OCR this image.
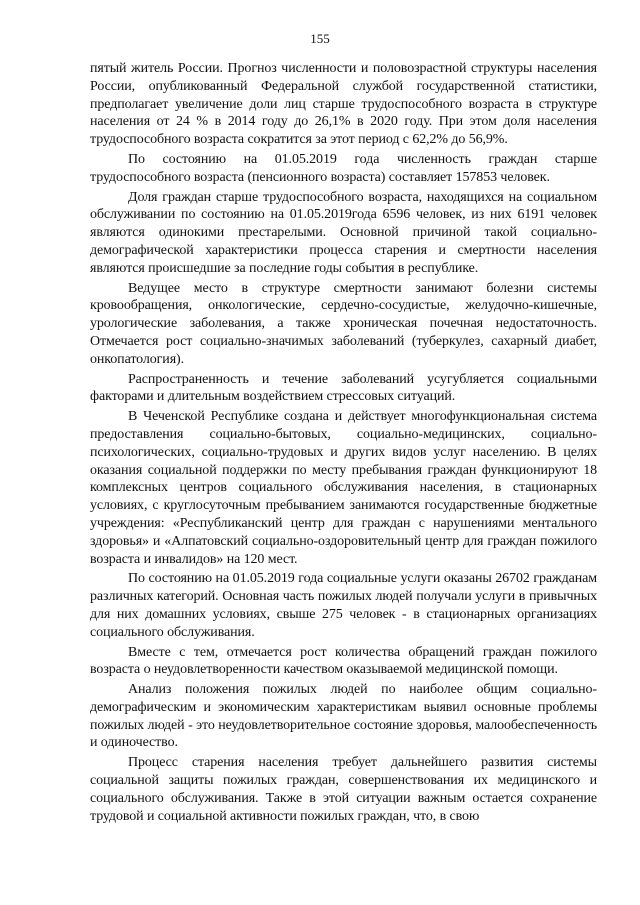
155

пятый житель России. Прогноз численности и половозрастной структуры населения России, опубликованный Федеральной службой государственной статистики, предполагает увеличение доли лиц старше трудоспособного возраста в структуре населения от 24 % в 2014 году до 26,1% в 2020 году. При этом доля населения трудоспособного возраста сократится за этот период с 62,2% до 56,9%.

По состоянию на 01.05.2019 года численность граждан старше трудоспособного возраста (пенсионного возраста) составляет 157853 человек.

Доля граждан старше трудоспособного возраста, находящихся на социальном обслуживании по состоянию на 01.05.2019года 6596 человек, из них 6191 человек являются одинокими престарелыми. Основной причиной такой социально-демографической характеристики процесса старения и смертности населения являются происшедшие за последние годы события в республике.

Ведущее место в структуре смертности занимают болезни системы кровообращения, онкологические, сердечно-сосудистые, желудочно-кишечные, урологические заболевания, а также хроническая почечная недостаточность. Отмечается рост социально-значимых заболеваний (туберкулез, сахарный диабет, онкопатология).

Распространенность и течение заболеваний усугубляется социальными факторами и длительным воздействием стрессовых ситуаций.

В Чеченской Республике создана и действует многофункциональная система предоставления социально-бытовых, социально-медицинских, социально-психологических, социально-трудовых и других видов услуг населению. В целях оказания социальной поддержки по месту пребывания граждан функционируют 18 комплексных центров социального обслуживания населения, в стационарных условиях, с круглосуточным пребыванием занимаются государственные бюджетные учреждения: «Республиканский центр для граждан с нарушениями ментального здоровья» и «Алпатовский социально-оздоровительный центр для граждан пожилого возраста и инвалидов» на 120 мест.

По состоянию на 01.05.2019 года социальные услуги оказаны 26702 гражданам различных категорий. Основная часть пожилых людей получали услуги в привычных для них домашних условиях, свыше 275 человек - в стационарных организациях социального обслуживания.

Вместе с тем, отмечается рост количества обращений граждан пожилого возраста о неудовлетворенности качеством оказываемой медицинской помощи.

Анализ положения пожилых людей по наиболее общим социально-демографическим и экономическим характеристикам выявил основные проблемы пожилых людей - это неудовлетворительное состояние здоровья, малообеспеченность и одиночество.

Процесс старения населения требует дальнейшего развития системы социальной защиты пожилых граждан, совершенствования их медицинского и социального обслуживания. Также в этой ситуации важным остается сохранение трудовой и социальной активности пожилых граждан, что, в свою
